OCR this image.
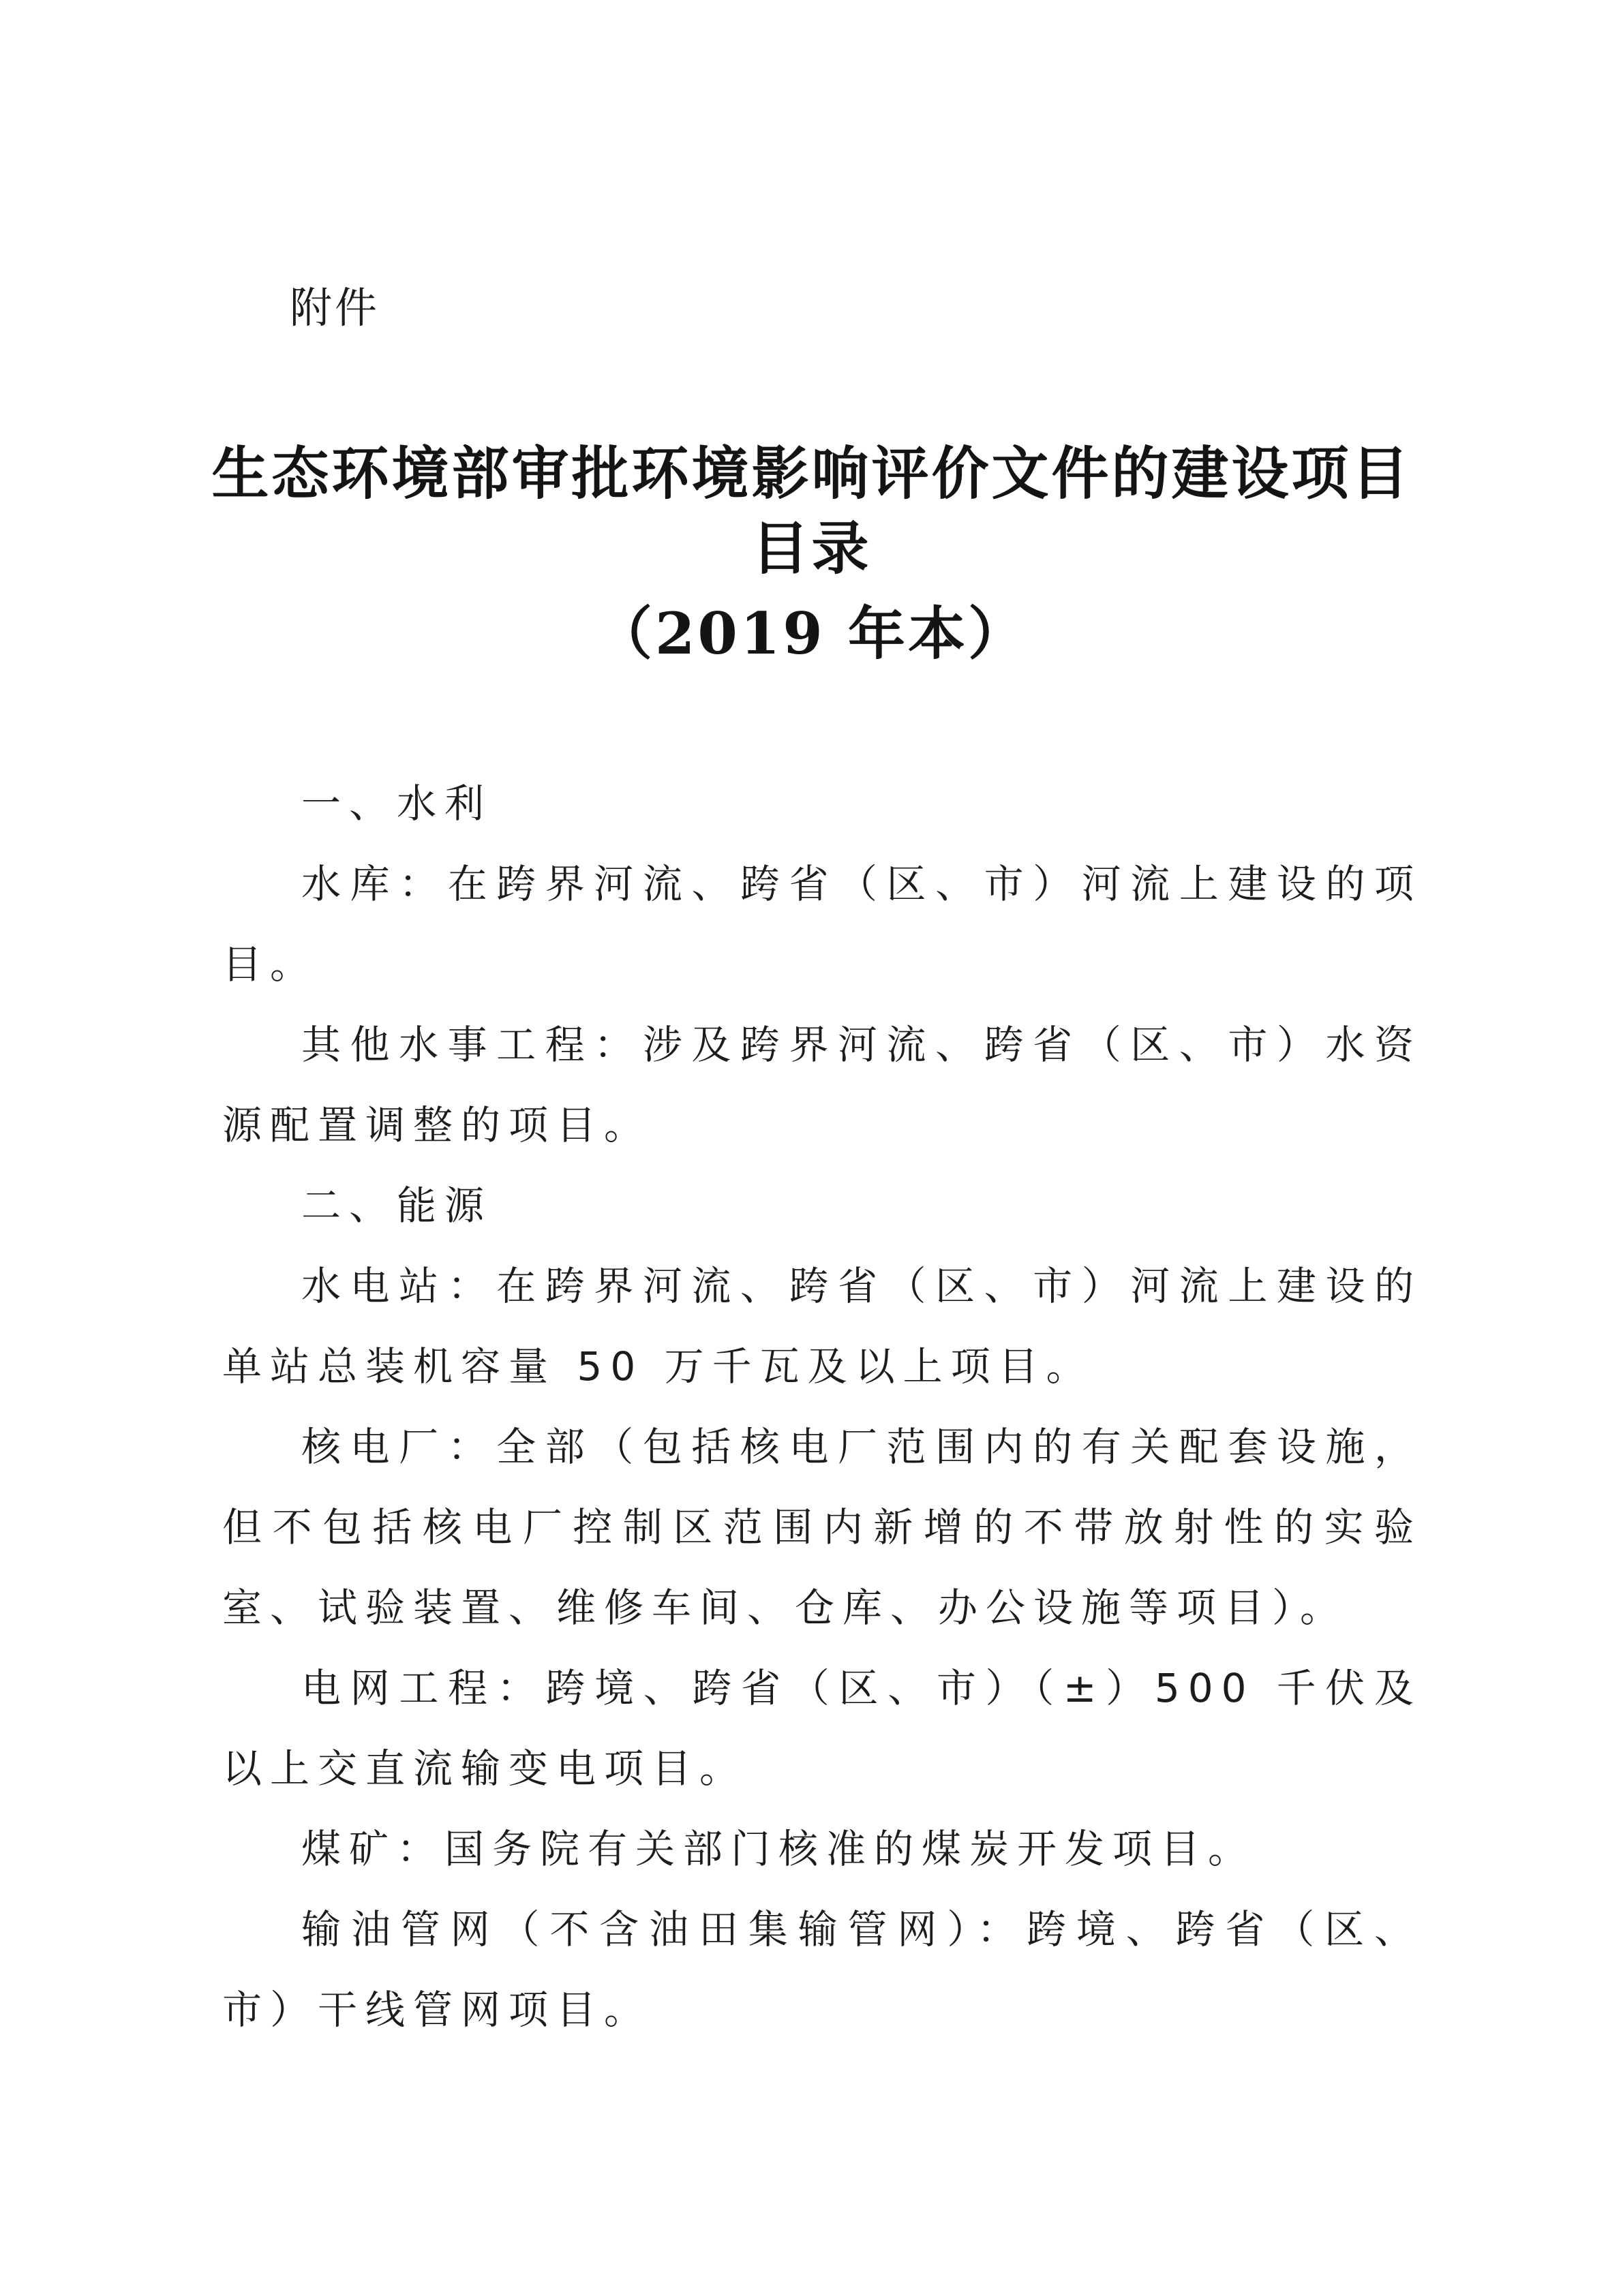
附件

生态环境部审批环境影响评价文件的建设项目
目录
（2019 年本）

一、水利

水库：在跨界河流、跨省（区、市）河流上建设的项目。

其他水事工程：涉及跨界河流、跨省（区、市）水资源配置调整的项目。

二、能源

水电站：在跨界河流、跨省（区、市）河流上建设的单站总装机容量 50 万千瓦及以上项目。

核电厂：全部（包括核电厂范围内的有关配套设施，但不包括核电厂控制区范围内新增的不带放射性的实验室、试验装置、维修车间、仓库、办公设施等项目）。

电网工程：跨境、跨省（区、市）（±）500 千伏及以上交直流输变电项目。

煤矿：国务院有关部门核准的煤炭开发项目。

输油管网（不含油田集输管网）：跨境、跨省（区、市）干线管网项目。
